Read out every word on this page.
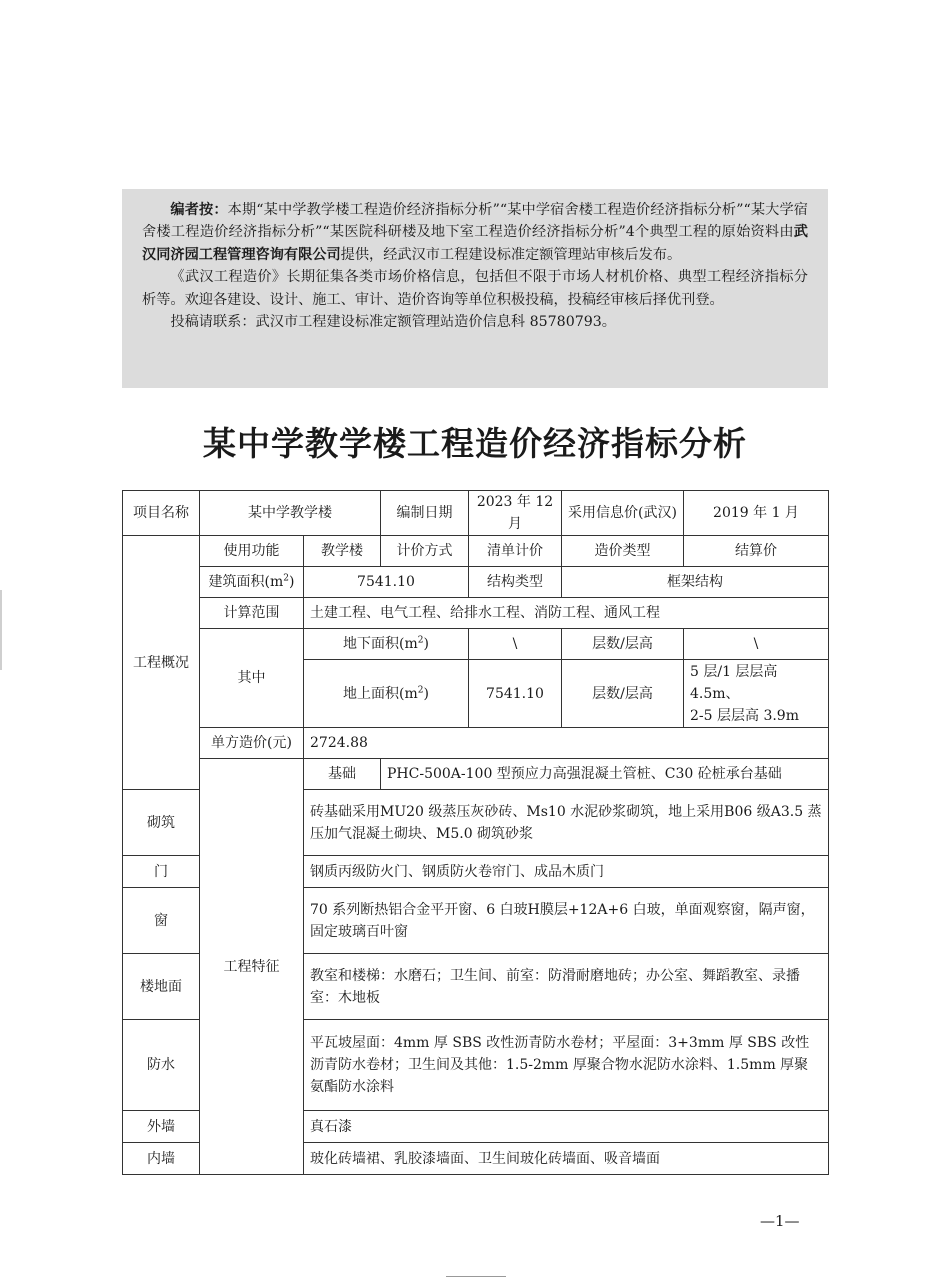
编者按：本期“某中学教学楼工程造价经济指标分析”“某中学宿舍楼工程造价经济指标分析”“某大学宿舍楼工程造价经济指标分析”“某医院科研楼及地下室工程造价经济指标分析”4个典型工程的原始资料由武汉同济园工程管理咨询有限公司提供，经武汉市工程建设标准定额管理站审核后发布。

《武汉工程造价》长期征集各类市场价格信息，包括但不限于市场人材机价格、典型工程经济指标分析等。欢迎各建设、设计、施工、审计、造价咨询等单位积极投稿，投稿经审核后择优刊登。

投稿请联系：武汉市工程建设标准定额管理站造价信息科 85780793。

某中学教学楼工程造价经济指标分析
项目名称	某中学教学楼		编制日期	2023 年 12 月	采用信息价(武汉)	2019 年 1 月
工程概况	使用功能	教学楼	计价方式	清单计价	造价类型	结算价
	建筑面积$(m^2)$	7541.10		结构类型	框架结构	
	计算范围	土建工程、电气工程、给排水工程、消防工程、通风工程				
	其中	地下面积$(m^2)$		\	层数/层高	\
		地上面积$(m^2)$		7541.10	层数/层高	5 层/1 层层高 4.5m、
2-5 层层高 3.9m
	单方造价(元)	2724.88				
	工程特征	基础	PHC-500A-100 型预应力高强混凝土管桩、C30 砼桩承台基础			
砌筑		砖基础采用MU20 级蒸压灰砂砖、Ms10 水泥砂浆砌筑，地上采用B06 级A3.5 蒸压加气混凝土砌块、M5.0 砌筑砂浆				
门		钢质丙级防火门、钢质防火卷帘门、成品木质门				
窗		70 系列断热铝合金平开窗、6 白玻H膜层+12A+6 白玻，单面观察窗，隔声窗，固定玻璃百叶窗				
楼地面		教室和楼梯：水磨石；卫生间、前室：防滑耐磨地砖；办公室、舞蹈教室、录播室：木地板				
防水		平瓦坡屋面：4mm 厚 SBS 改性沥青防水卷材；平屋面：3+3mm 厚 SBS 改性沥青防水卷材；卫生间及其他：1.5-2mm 厚聚合物水泥防水涂料、1.5mm 厚聚氨酯防水涂料				
外墙		真石漆				
内墙		玻化砖墙裙、乳胶漆墙面、卫生间玻化砖墙面、吸音墙面				
—1—
